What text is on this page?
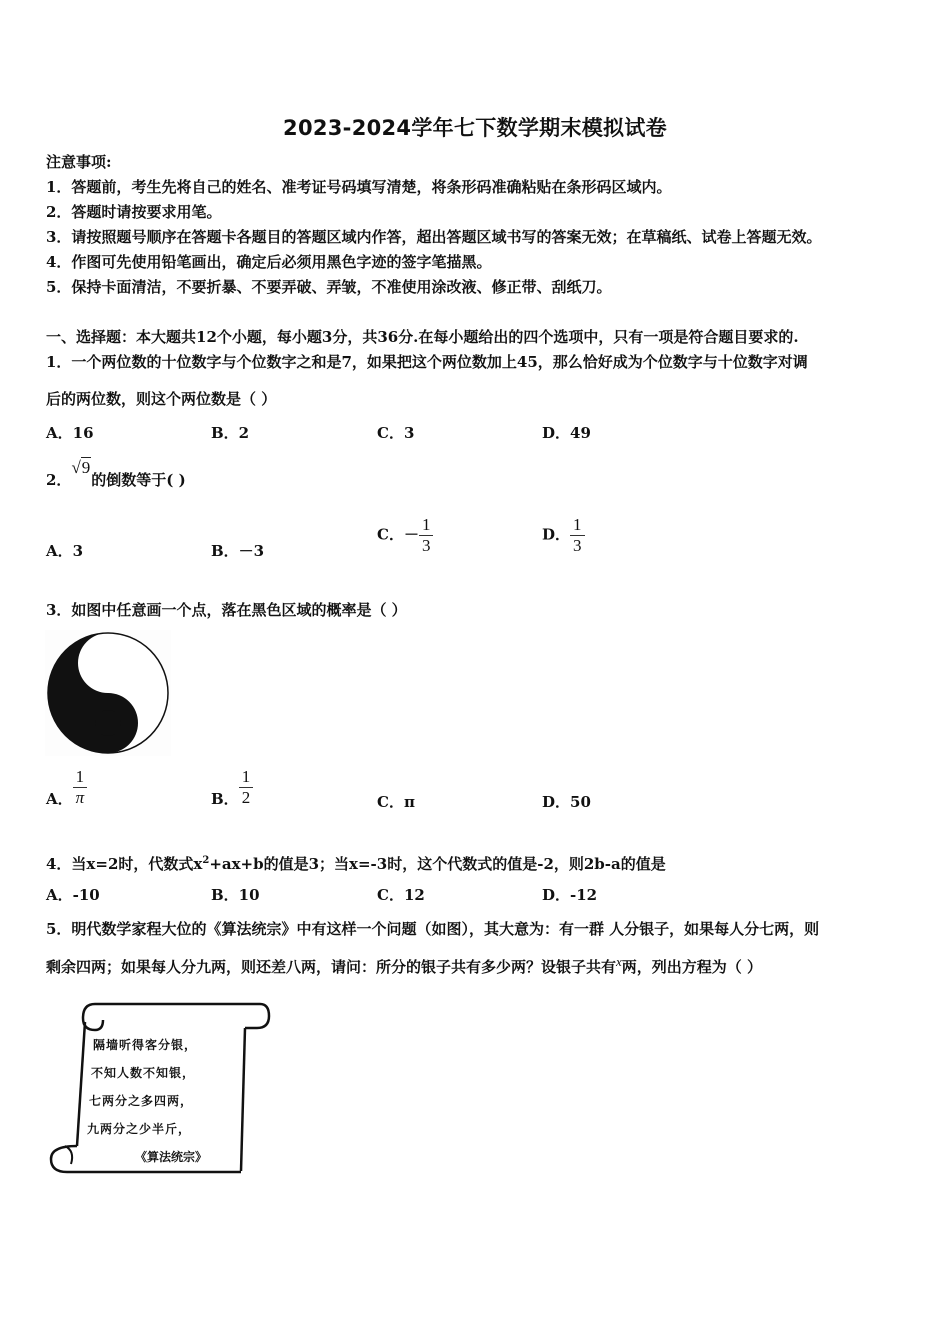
2023-2024学年七下数学期末模拟试卷
注意事项:
1．答题前，考生先将自己的姓名、准考证号码填写清楚，将条形码准确粘贴在条形码区域内。
2．答题时请按要求用笔。
3．请按照题号顺序在答题卡各题目的答题区域内作答，超出答题区域书写的答案无效；在草稿纸、试卷上答题无效。
4．作图可先使用铅笔画出，确定后必须用黑色字迹的签字笔描黑。
5．保持卡面清洁，不要折暴、不要弄破、弄皱，不准使用涂改液、修正带、刮纸刀。
一、选择题：本大题共12个小题，每小题3分，共36分.在每小题给出的四个选项中，只有一项是符合题目要求的.
1．一个两位数的十位数字与个位数字之和是7，如果把这个两位数加上45，那么恰好成为个位数字与十位数字对调
后的两位数，则这个两位数是（ ）
A．16	B．2	C．3	D．49
2．√9的倒数等于( )
A．3	B．－3
C．－ $\frac{1}{3}$	D． $\frac{1}{3}$
3．如图中任意画一个点，落在黑色区域的概率是（ ）
A． $\frac{1}{\pi}$	B． $\frac{1}{2}$	C．π	D．50
4．当x=2时，代数式$x^2+ax+b$的值是3；当x=-3时，这个代数式的值是-2，则2b-a的值是
A．-10	B．10	C．12	D．-12
5．明代数学家程大位的《算法统宗》中有这样一个问题（如图），其大意为：有一群 人分银子，如果每人分七两，则
剩余四两；如果每人分九两，则还差八两，请问：所分的银子共有多少两？设银子共有x两，列出方程为（ ）
隔墙听得客分银，
不知人数不知银，
七两分之多四两，
九两分之少半斤，
《算法统宗》
